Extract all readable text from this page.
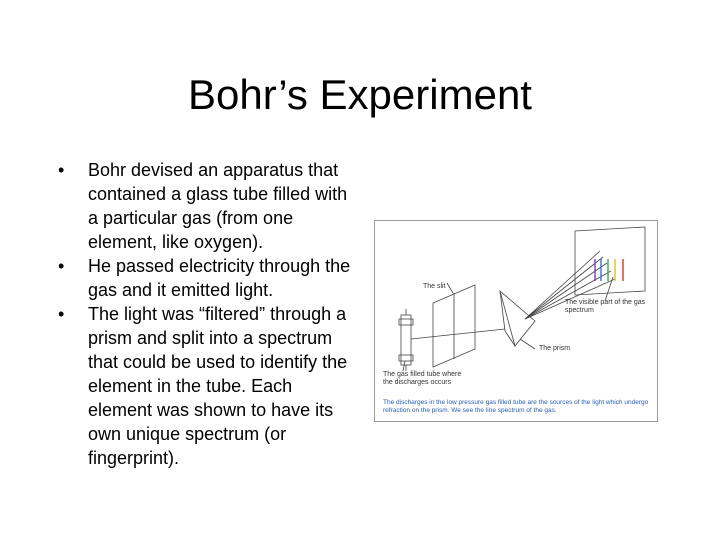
Bohr’s Experiment
•	Bohr devised an apparatus that contained a glass tube filled with a particular gas (from one element, like oxygen).
•	He passed electricity through the gas and it emitted light.
•	The light was “filtered” through a prism and split into a spectrum that could be used to identify the element in the tube. Each element was shown to have its own unique spectrum (or fingerprint).
The slit
The visible part of the gas spectrum
The prism
The gas filled tube where the discharges occurs
The discharges in the low pressure gas filled tube are the sources of the light which undergo refraction on the prism. We see the line spectrum of the gas.
